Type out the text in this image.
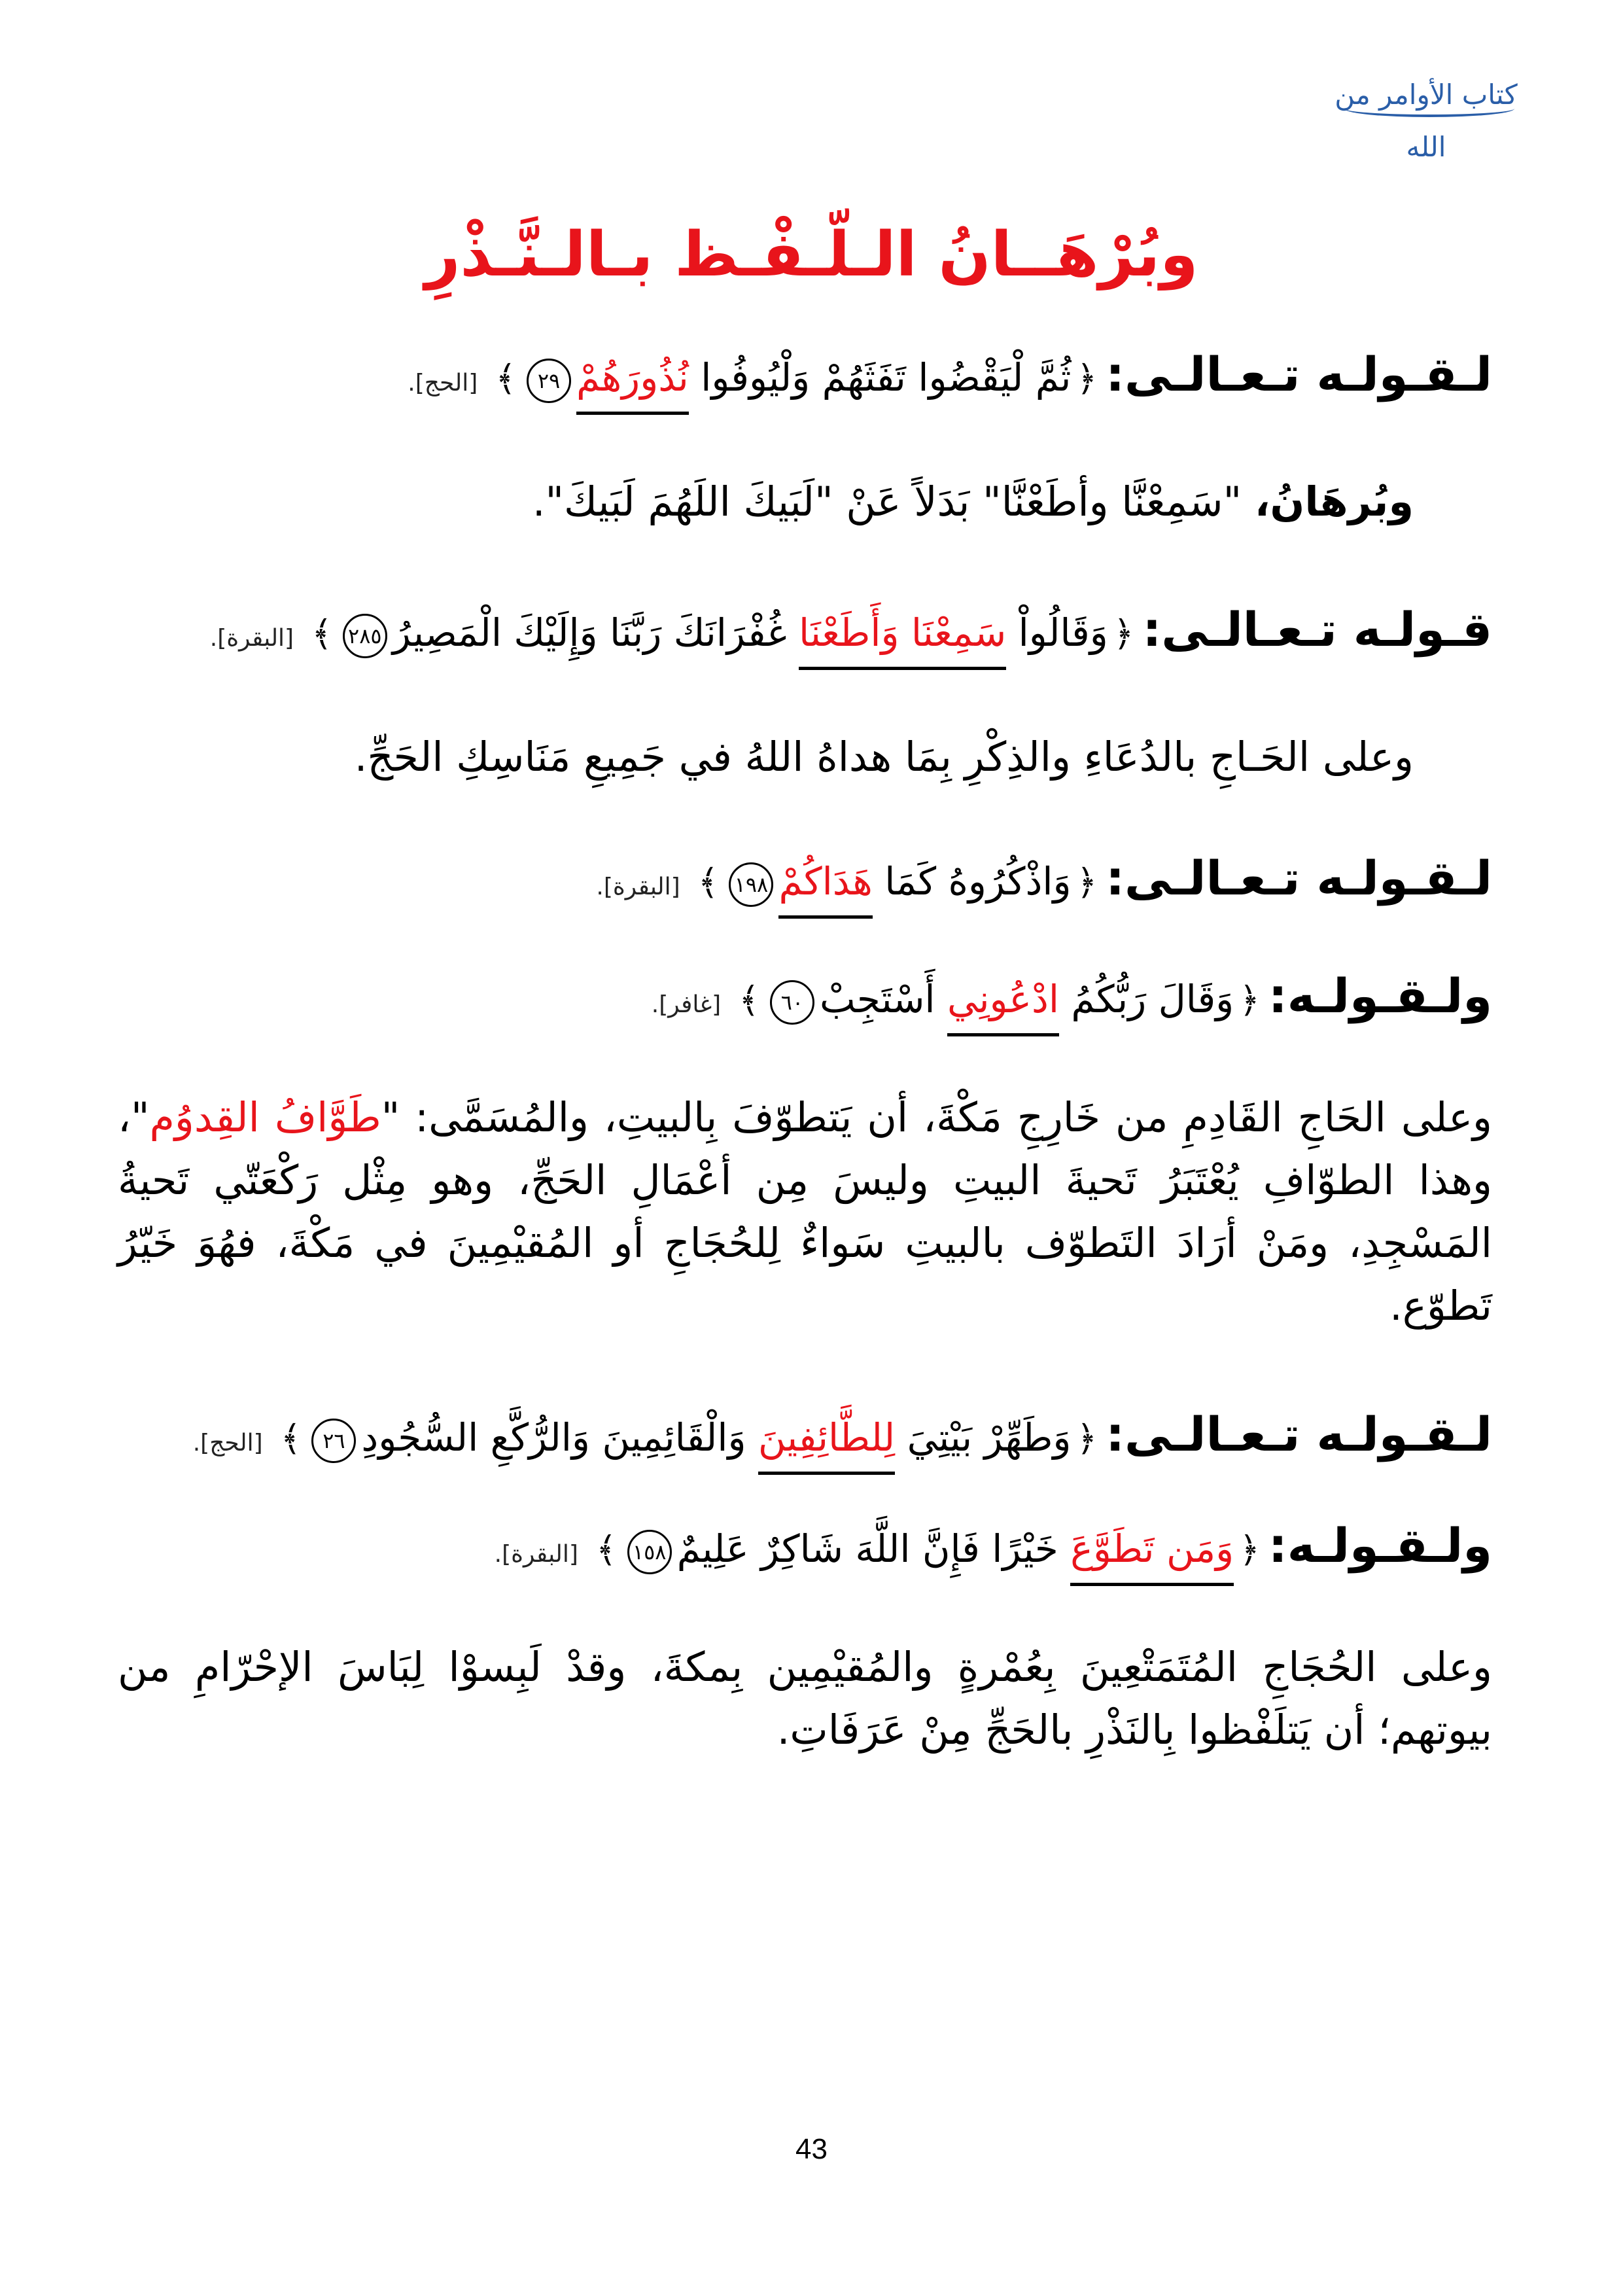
كتاب الأوامر من الله
وبُرْهَــانُ الـلّـفْـظ بـالـنَّـذْرِ
لـقـولـه تـعـالـى: ﴿ثُمَّ لْيَقْضُوا تَفَثَهُمْ وَلْيُوفُوا نُذُورَهُمْ٢٩﴾ [الحج].
وبُرهَانُ، "سَمِعْنَّا وأطَعْنَّا" بَدَلاً عَنْ "لَبَيكَ اللَهُمَ لَبَيكَ".
قـولـه تـعـالـى: ﴿وَقَالُواْ سَمِعْنَا وَأَطَعْنَا غُفْرَانَكَ رَبَّنَا وَإِلَيْكَ الْمَصِيرُ٢٨٥﴾ [البقرة].
وعلى الحَـاجِ بالدُعَاءِ والذِكْرِ بِمَا هداهُ اللهُ في جَمِيعِ مَنَاسِكِ الحَجِّ.
لـقـولـه تـعـالـى: ﴿وَاذْكُرُوهُ كَمَا هَدَاكُمْ١٩٨﴾ [البقرة].
ولـقـولـه: ﴿وَقَالَ رَبُّكُمُ ادْعُونِي أَسْتَجِبْ٦٠﴾ [غافر].
وعلى الحَاجِ القَادِمِ من خَارِجِ مَكْةَ، أن يَتطوّفَ بِالبيتِ، والمُسَمَّى: "طَوَّافُ القِدوُم"، وهذا الطوّافِ يُعْتَبَرُ تَحيةَ البيتِ وليسَ مِن أعْمَالِ الحَجِّ، وهو مِثْل رَكْعَتّي تَحيةُ المَسْجِدِ، ومَنْ أرَادَ التَطوّف بالبيتِ سَواءٌ لِلحُجَاجِ أو المُقيْمِينَ في مَكْةَ، فهُوَ خَيّرُ تَطوّع.
لـقـولـه تـعـالـى: ﴿وَطَهِّرْ بَيْتِيَ لِلطَّائِفِينَ وَالْقَائِمِينَ وَالرُّكَّعِ السُّجُودِ٢٦﴾ [الحج].
ولـقـولـه: ﴿وَمَن تَطَوَّعَ خَيْرًا فَإِنَّ اللَّهَ شَاكِرٌ عَلِيمٌ١٥٨﴾ [البقرة].
وعلى الحُجَاجِ المُتَمَتْعِينَ بِعُمْرةٍ والمُقيْمِين بِمكةَ، وقدْ لَبِسوْا لِبَاسَ الإحْرّامِ من بيوتهم؛ أن يَتلَفْظوا بِالنَذْرِ بالحَجِّ مِنْ عَرَفَاتِ.
43
